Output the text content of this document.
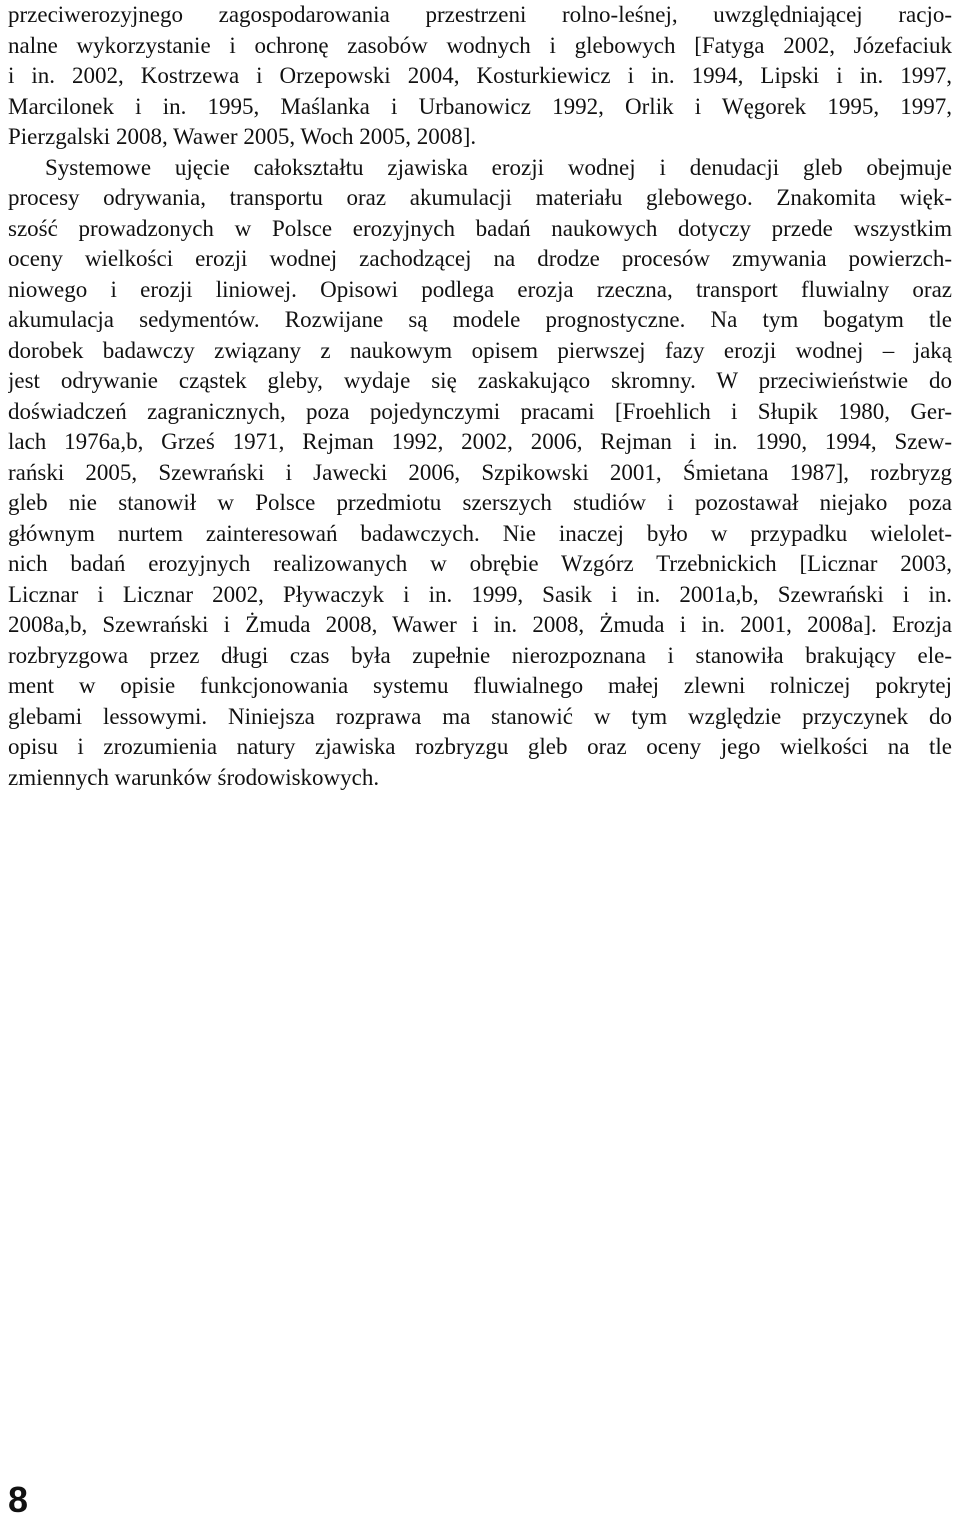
przeciwerozyjnego zagospodarowania przestrzeni rolno-leśnej, uwzględniającej racjo-
nalne wykorzystanie i ochronę zasobów wodnych i glebowych [Fatyga 2002, Józefaciuk
i in. 2002, Kostrzewa i Orzepowski 2004, Kosturkiewicz i in. 1994, Lipski i in. 1997,
Marcilonek i in. 1995, Maślanka i Urbanowicz 1992, Orlik i Węgorek 1995, 1997,
Pierzgalski 2008, Wawer 2005, Woch 2005, 2008].
Systemowe ujęcie całokształtu zjawiska erozji wodnej i denudacji gleb obejmuje
procesy odrywania, transportu oraz akumulacji materiału glebowego. Znakomita więk-
szość prowadzonych w Polsce erozyjnych badań naukowych dotyczy przede wszystkim
oceny wielkości erozji wodnej zachodzącej na drodze procesów zmywania powierzch-
niowego i erozji liniowej. Opisowi podlega erozja rzeczna, transport fluwialny oraz
akumulacja sedymentów. Rozwijane są modele prognostyczne. Na tym bogatym tle
dorobek badawczy związany z naukowym opisem pierwszej fazy erozji wodnej – jaką
jest odrywanie cząstek gleby, wydaje się zaskakująco skromny. W przeciwieństwie do
doświadczeń zagranicznych, poza pojedynczymi pracami [Froehlich i Słupik 1980, Ger-
lach 1976a,b, Grześ 1971, Rejman 1992, 2002, 2006, Rejman i in. 1990, 1994, Szew-
rański 2005, Szewrański i Jawecki 2006, Szpikowski 2001, Śmietana 1987], rozbryzg
gleb nie stanowił w Polsce przedmiotu szerszych studiów i pozostawał niejako poza
głównym nurtem zainteresowań badawczych. Nie inaczej było w przypadku wielolet-
nich badań erozyjnych realizowanych w obrębie Wzgórz Trzebnickich [Licznar 2003,
Licznar i Licznar 2002, Pływaczyk i in. 1999, Sasik i in. 2001a,b, Szewrański i in.
2008a,b, Szewrański i Żmuda 2008, Wawer i in. 2008, Żmuda i in. 2001, 2008a]. Erozja
rozbryzgowa przez długi czas była zupełnie nierozpoznana i stanowiła brakujący ele-
ment w opisie funkcjonowania systemu fluwialnego małej zlewni rolniczej pokrytej
glebami lessowymi. Niniejsza rozprawa ma stanowić w tym względzie przyczynek do
opisu i zrozumienia natury zjawiska rozbryzgu gleb oraz oceny jego wielkości na tle
zmiennych warunków środowiskowych.
8
